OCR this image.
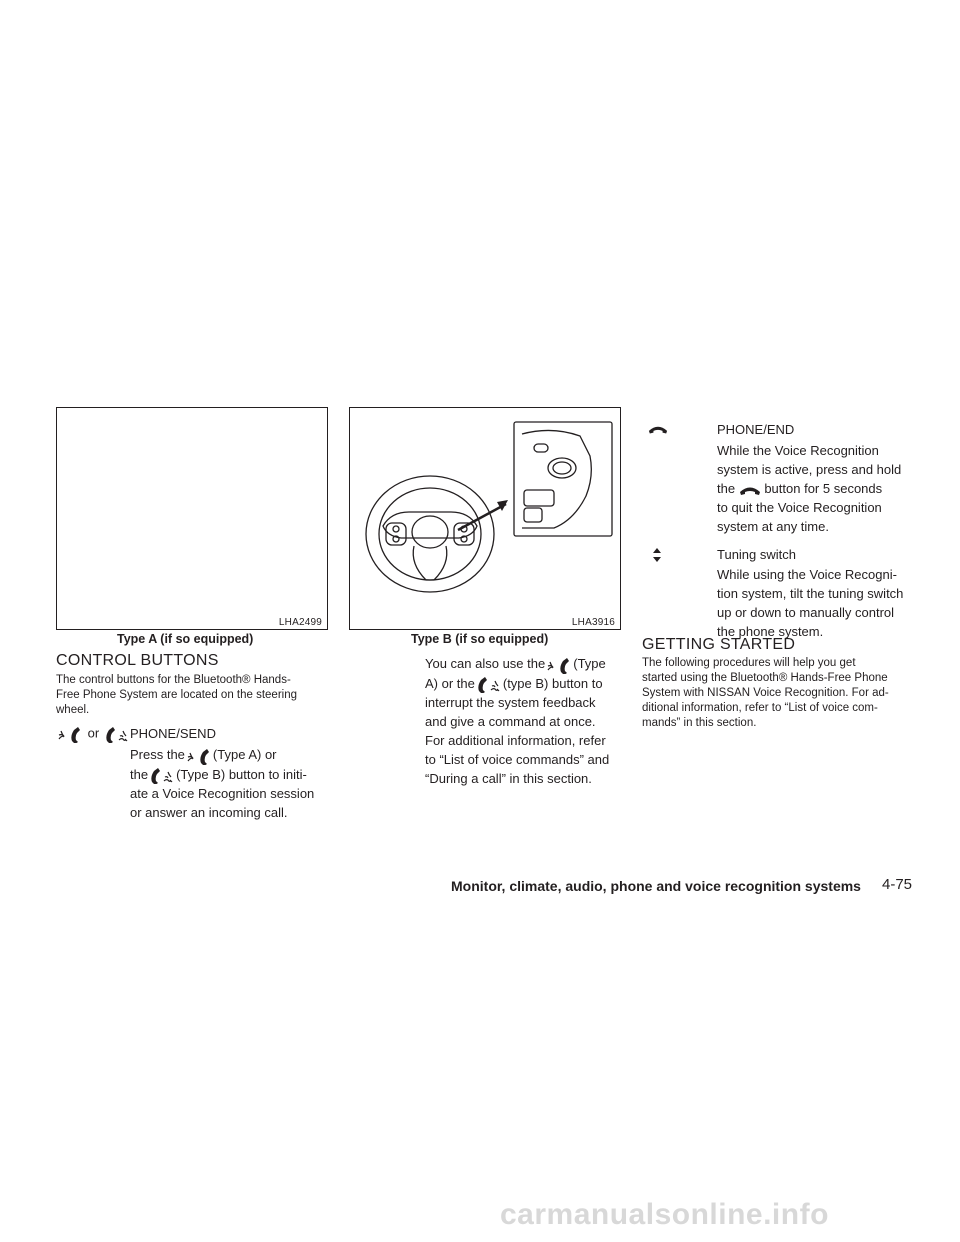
LHA2499
Type A (if so equipped)
LHA3916
Type B (if so equipped)
CONTROL BUTTONS
The control buttons for the Bluetooth® Hands-
Free Phone System are located on the steering
wheel.
or	PHONE/SEND
Press the (Type A) or
the (Type B) button to initi-
ate a Voice Recognition session
or answer an incoming call.
You can also use the (Type
A) or the (type B) button to
interrupt the system feedback
and give a command at once.
For additional information, refer
to “List of voice commands” and
“During a call” in this section.
PHONE/END
While the Voice Recognition
system is active, press and hold
the button for 5 seconds
to quit the Voice Recognition
system at any time.
Tuning switch
While using the Voice Recogni-
tion system, tilt the tuning switch
up or down to manually control
the phone system.
GETTING STARTED
The following procedures will help you get
started using the Bluetooth® Hands-Free Phone
System with NISSAN Voice Recognition. For ad-
ditional information, refer to “List of voice com-
mands” in this section.
Monitor, climate, audio, phone and voice recognition systems 4-75
carmanualsonline.info
